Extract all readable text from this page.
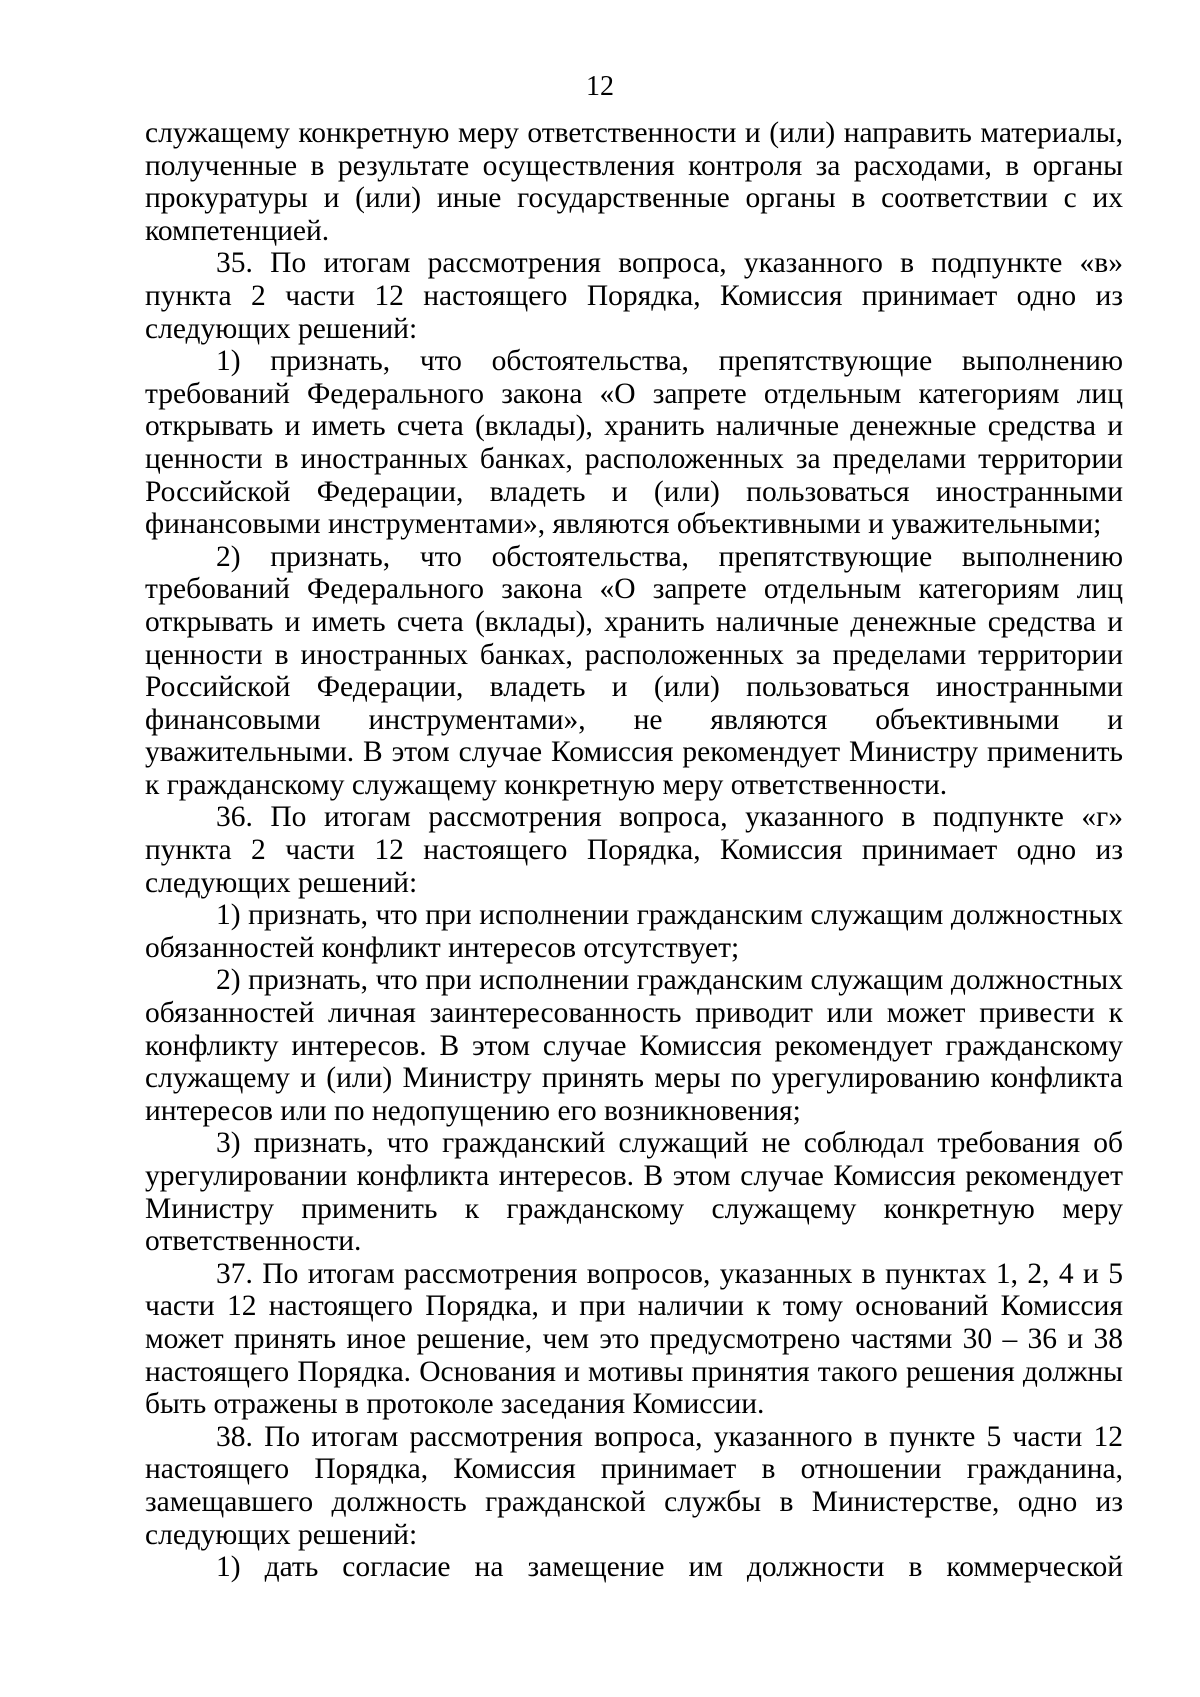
12

служащему конкретную меру ответственности и (или) направить материалы, полученные в результате осуществления контроля за расходами, в органы прокуратуры и (или) иные государственные органы в соответствии с их компетенцией.

35. По итогам рассмотрения вопроса, указанного в подпункте «в» пункта 2 части 12 настоящего Порядка, Комиссия принимает одно из следующих решений:

1) признать, что обстоятельства, препятствующие выполнению требований Федерального закона «О запрете отдельным категориям лиц открывать и иметь счета (вклады), хранить наличные денежные средства и ценности в иностранных банках, расположенных за пределами территории Российской Федерации, владеть и (или) пользоваться иностранными финансовыми инструментами», являются объективными и уважительными;

2) признать, что обстоятельства, препятствующие выполнению требований Федерального закона «О запрете отдельным категориям лиц открывать и иметь счета (вклады), хранить наличные денежные средства и ценности в иностранных банках, расположенных за пределами территории Российской Федерации, владеть и (или) пользоваться иностранными финансовыми инструментами», не являются объективными и уважительными. В этом случае Комиссия рекомендует Министру применить к гражданскому служащему конкретную меру ответственности.

36. По итогам рассмотрения вопроса, указанного в подпункте «г» пункта 2 части 12 настоящего Порядка, Комиссия принимает одно из следующих решений:

1) признать, что при исполнении гражданским служащим должностных обязанностей конфликт интересов отсутствует;

2) признать, что при исполнении гражданским служащим должностных обязанностей личная заинтересованность приводит или может привести к конфликту интересов. В этом случае Комиссия рекомендует гражданскому служащему и (или) Министру принять меры по урегулированию конфликта интересов или по недопущению его возникновения;

3) признать, что гражданский служащий не соблюдал требования об урегулировании конфликта интересов. В этом случае Комиссия рекомендует Министру применить к гражданскому служащему конкретную меру ответственности.

37. По итогам рассмотрения вопросов, указанных в пунктах 1, 2, 4 и 5 части 12 настоящего Порядка, и при наличии к тому оснований Комиссия может принять иное решение, чем это предусмотрено частями 30 – 36 и 38 настоящего Порядка. Основания и мотивы принятия такого решения должны быть отражены в протоколе заседания Комиссии.

38. По итогам рассмотрения вопроса, указанного в пункте 5 части 12 настоящего Порядка, Комиссия принимает в отношении гражданина, замещавшего должность гражданской службы в Министерстве, одно из следующих решений:

1) дать согласие на замещение им должности в коммерческой
